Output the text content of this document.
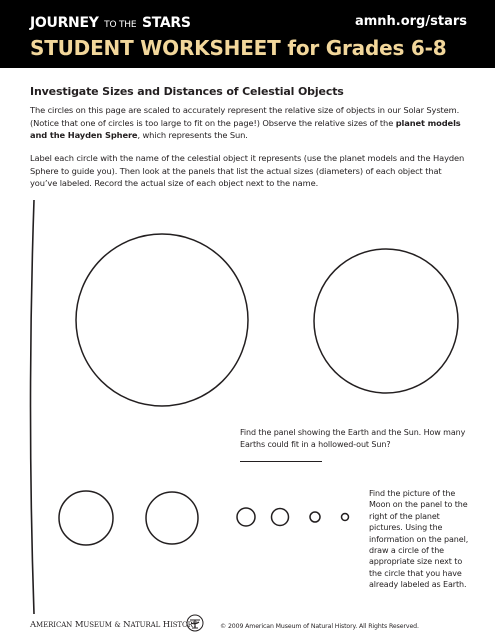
JOURNEY TO THE STARS	amnh.org/stars
STUDENT WORKSHEET for Grades 6-8
Investigate Sizes and Distances of Celestial Objects
The circles on this page are scaled to accurately represent the relative size of objects in our Solar System. (Notice that one of circles is too large to fit on the page!) Observe the relative sizes of the planet models and the Hayden Sphere, which represents the Sun.
Label each circle with the name of the celestial object it represents (use the planet models and the Hayden Sphere to guide you). Then look at the panels that list the actual sizes (diameters) of each object that you’ve labeled. Record the actual size of each object next to the name.
Find the panel showing the Earth and the Sun. How many Earths could fit in a hollowed-out Sun?
Find the picture of the Moon on the panel to the right of the planet pictures. Using the information on the panel, draw a circle of the appropriate size next to the circle that you have already labeled as Earth.
AMERICAN MUSEUM & NATURAL HISTORY	© 2009 American Museum of Natural History. All Rights Reserved.
